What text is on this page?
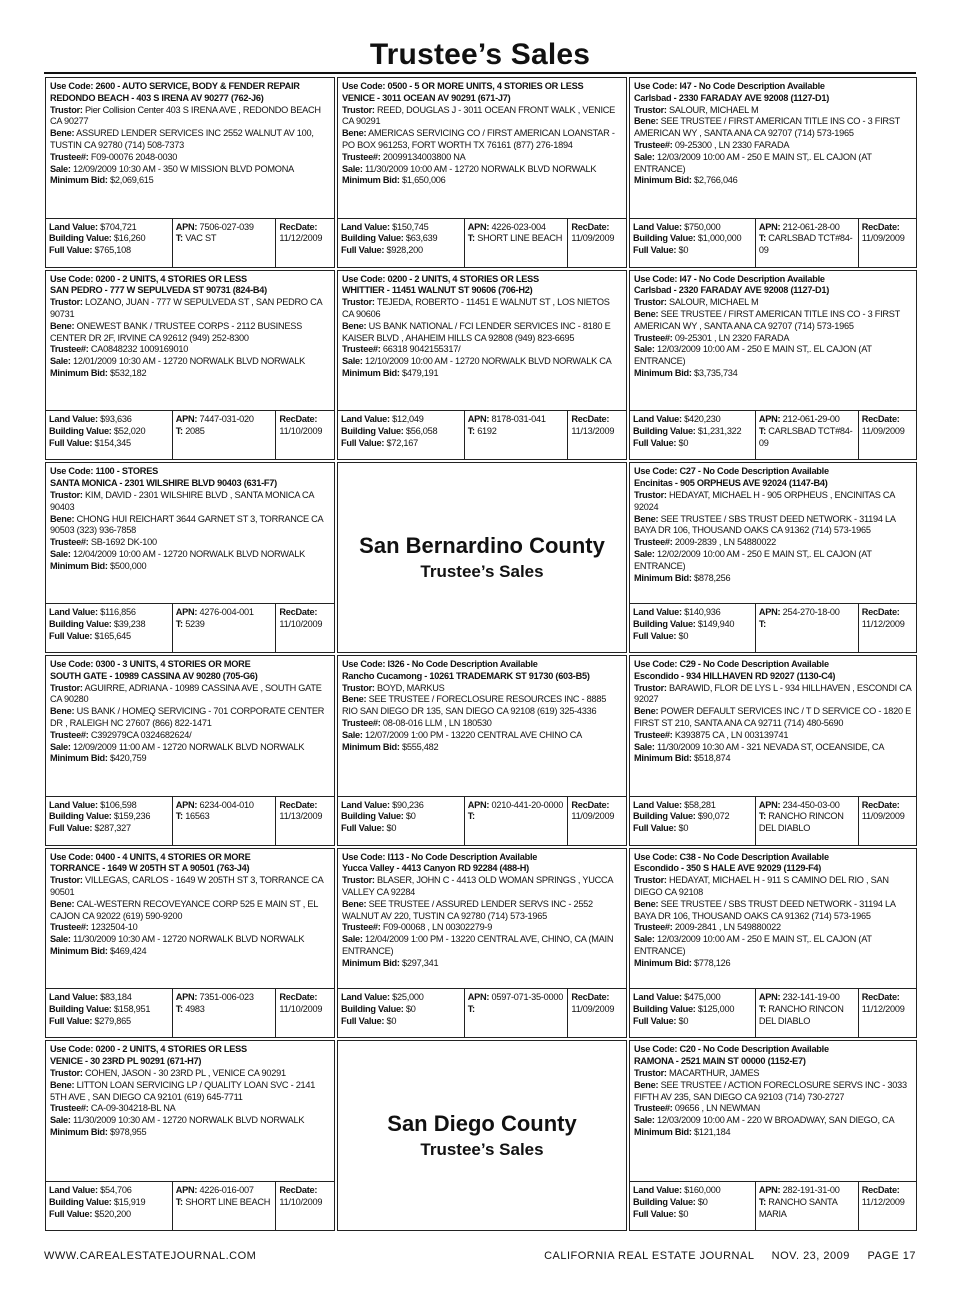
Trustee’s Sales
Use Code: 2600 - AUTO SERVICE, BODY & FENDER REPAIR
REDONDO BEACH - 403 S IRENA AV 90277 (762-J6)
Trustor: Pier Collision Center 403 S IRENA AVE , REDONDO BEACH CA 90277
Bene: ASSURED LENDER SERVICES INC 2552 WALNUT AV 100, TUSTIN CA 92780 (714) 508-7373
Trustee#: F09-00076 2048-0030
Sale: 12/09/2009 10:30 AM - 350 W MISSION BLVD POMONA
Minimum Bid: $2,069,615
Land Value: $704,721
Building Value: $16,260
Full Value: $765,108
APN: 7506-027-039
T: VAC ST
RecDate:
11/12/2009
Use Code: 0500 - 5 OR MORE UNITS, 4 STORIES OR LESS
VENICE - 3011 OCEAN AV 90291 (671-J7)
Trustor: REED, DOUGLAS J - 3011 OCEAN FRONT WALK , VENICE CA 90291
Bene: AMERICAS SERVICING CO / FIRST AMERICAN LOANSTAR - PO BOX 961253, FORT WORTH TX 76161 (877) 276-1894
Trustee#: 20099134003800 NA
Sale: 11/30/2009 10:00 AM - 12720 NORWALK BLVD NORWALK
Minimum Bid: $1,650,006
Land Value: $150,745
Building Value: $63,639
Full Value: $928,200
APN: 4226-023-004
T: SHORT LINE BEACH
RecDate:
11/09/2009
Use Code: I47 - No Code Description Available
Carlsbad - 2330 FARADAY AVE 92008 (1127-D1)
Trustor: SALOUR, MICHAEL M
Bene: SEE TRUSTEE / FIRST AMERICAN TITLE INS CO - 3 FIRST AMERICAN WY , SANTA ANA CA 92707 (714) 573-1965
Trustee#: 09-25300 , LN 2330 FARADA
Sale: 12/03/2009 10:00 AM - 250 E MAIN ST,. EL CAJON (AT ENTRANCE)
Minimum Bid: $2,766,046
Land Value: $750,000
Building Value: $1,000,000
Full Value: $0
APN: 212-061-28-00
T: CARLSBAD TCT#84-09
RecDate:
11/09/2009
Use Code: 0200 - 2 UNITS, 4 STORIES OR LESS
SAN PEDRO - 777 W SEPULVEDA ST 90731 (824-B4)
Trustor: LOZANO, JUAN - 777 W SEPULVEDA ST , SAN PEDRO CA 90731
Bene: ONEWEST BANK / TRUSTEE CORPS - 2112 BUSINESS CENTER DR 2F, IRVINE CA 92612 (949) 252-8300
Trustee#: CA0848232 1009169010
Sale: 12/01/2009 10:30 AM - 12720 NORWALK BLVD NORWALK
Minimum Bid: $532,182
Land Value: $93,636
Building Value: $52,020
Full Value: $154,345
APN: 7447-031-020
T: 2085
RecDate:
11/10/2009
Use Code: 0200 - 2 UNITS, 4 STORIES OR LESS
WHITTIER - 11451 WALNUT ST 90606 (706-H2)
Trustor: TEJEDA, ROBERTO - 11451 E WALNUT ST , LOS NIETOS CA 90606
Bene: US BANK NATIONAL / FCI LENDER SERVICES INC - 8180 E KAISER BLVD , AHAHEIM HILLS CA 92808 (949) 823-6695
Trustee#: 66318 9042155317/
Sale: 12/10/2009 10:00 AM - 12720 NORWALK BLVD NORWALK CA
Minimum Bid: $479,191
Land Value: $12,049
Building Value: $56,058
Full Value: $72,167
APN: 8178-031-041
T: 6192
RecDate:
11/13/2009
Use Code: I47 - No Code Description Available
Carlsbad - 2320 FARADAY AVE 92008 (1127-D1)
Trustor: SALOUR, MICHAEL M
Bene: SEE TRUSTEE / FIRST AMERICAN TITLE INS CO - 3 FIRST AMERICAN WY , SANTA ANA CA 92707 (714) 573-1965
Trustee#: 09-25301 , LN 2320 FARADA
Sale: 12/03/2009 10:00 AM - 250 E MAIN ST,. EL CAJON (AT ENTRANCE)
Minimum Bid: $3,735,734
Land Value: $420,230
Building Value: $1,231,322
Full Value: $0
APN: 212-061-29-00
T: CARLSBAD TCT#84-09
RecDate:
11/09/2009
Use Code: 1100 - STORES
SANTA MONICA - 2301 WILSHIRE BLVD 90403 (631-F7)
Trustor: KIM, DAVID - 2301 WILSHIRE BLVD , SANTA MONICA CA 90403
Bene: CHONG HUI REICHART 3644 GARNET ST 3, TORRANCE CA 90503 (323) 936-7858
Trustee#: SB-1692 DK-100
Sale: 12/04/2009 10:00 AM - 12720 NORWALK BLVD NORWALK
Minimum Bid: $500,000
Land Value: $116,856
Building Value: $39,238
Full Value: $165,645
APN: 4276-004-001
T: 5239
RecDate:
11/10/2009
San Bernardino County
Trustee’s Sales
Use Code: C27 - No Code Description Available
Encinitas - 905 ORPHEUS AVE 92024 (1147-B4)
Trustor: HEDAYAT, MICHAEL H - 905 ORPHEUS , ENCINITAS CA 92024
Bene: SEE TRUSTEE / SBS TRUST DEED NETWORK - 31194 LA BAYA DR 106, THOUSAND OAKS CA 91362 (714) 573-1965
Trustee#: 2009-2839 , LN 54880022
Sale: 12/02/2009 10:00 AM - 250 E MAIN ST,. EL CAJON (AT ENTRANCE)
Minimum Bid: $878,256
Land Value: $140,936
Building Value: $149,940
Full Value: $0
APN: 254-270-18-00
T:
RecDate:
11/12/2009
Use Code: 0300 - 3 UNITS, 4 STORIES OR MORE
SOUTH GATE - 10989 CASSINA AV 90280 (705-G6)
Trustor: AGUIRRE, ADRIANA - 10989 CASSINA AVE , SOUTH GATE CA 90280
Bene: US BANK / HOMEQ SERVICING - 701 CORPORATE CENTER DR , RALEIGH NC 27607 (866) 822-1471
Trustee#: C392979CA 0324682624/
Sale: 12/09/2009 11:00 AM - 12720 NORWALK BLVD NORWALK
Minimum Bid: $420,759
Land Value: $106,598
Building Value: $159,236
Full Value: $287,327
APN: 6234-004-010
T: 16563
RecDate:
11/13/2009
Use Code: I326 - No Code Description Available
Rancho Cucamong - 10261 TRADEMARK ST 91730 (603-B5)
Trustor: BOYD, MARKUS
Bene: SEE TRUSTEE / FORECLOSURE RESOURCES INC - 8885 RIO SAN DIEGO DR 135, SAN DIEGO CA 92108 (619) 325-4336
Trustee#: 08-08-016 LLM , LN 180530
Sale: 12/07/2009 1:00 PM - 13220 CENTRAL AVE CHINO CA
Minimum Bid: $555,482
Land Value: $90,236
Building Value: $0
Full Value: $0
APN: 0210-441-20-0000
T:
RecDate:
11/09/2009
Use Code: C29 - No Code Description Available
Escondido - 934 HILLHAVEN RD 92027 (1130-C4)
Trustor: BARAWID, FLOR DE LYS L - 934 HILLHAVEN , ESCONDI CA 92027
Bene: POWER DEFAULT SERVICES INC / T D SERVICE CO - 1820 E FIRST ST 210, SANTA ANA CA 92711 (714) 480-5690
Trustee#: K393875 CA , LN 003139741
Sale: 11/30/2009 10:30 AM - 321 NEVADA ST, OCEANSIDE, CA
Minimum Bid: $518,874
Land Value: $58,281
Building Value: $90,072
Full Value: $0
APN: 234-450-03-00
T: RANCHO RINCON DEL DIABLO
RecDate:
11/09/2009
Use Code: 0400 - 4 UNITS, 4 STORIES OR MORE
TORRANCE - 1649 W 205TH ST A 90501 (763-J4)
Trustor: VILLEGAS, CARLOS - 1649 W 205TH ST 3, TORRANCE CA 90501
Bene: CAL-WESTERN RECOVEYANCE CORP 525 E MAIN ST , EL CAJON CA 92022 (619) 590-9200
Trustee#: 1232504-10
Sale: 11/30/2009 10:30 AM - 12720 NORWALK BLVD NORWALK
Minimum Bid: $469,424
Land Value: $83,184
Building Value: $158,951
Full Value: $279,865
APN: 7351-006-023
T: 4983
RecDate:
11/10/2009
Use Code: I113 - No Code Description Available
Yucca Valley - 4413 Canyon RD 92284 (488-H)
Trustor: BLASER, JOHN C - 4413 OLD WOMAN SPRINGS , YUCCA VALLEY CA 92284
Bene: SEE TRUSTEE / ASSURED LENDER SERVS INC - 2552 WALNUT AV 220, TUSTIN CA 92780 (714) 573-1965
Trustee#: F09-00068 , LN 00302279-9
Sale: 12/04/2009 1:00 PM - 13220 CENTRAL AVE, CHINO, CA (MAIN ENTRANCE)
Minimum Bid: $297,341
Land Value: $25,000
Building Value: $0
Full Value: $0
APN: 0597-071-35-0000
T:
RecDate:
11/09/2009
Use Code: C38 - No Code Description Available
Escondido - 350 S HALE AVE 92029 (1129-F4)
Trustor: HEDAYAT, MICHAEL H - 911 S CAMINO DEL RIO , SAN DIEGO CA 92108
Bene: SEE TRUSTEE / SBS TRUST DEED NETWORK - 31194 LA BAYA DR 106, THOUSAND OAKS CA 91362 (714) 573-1965
Trustee#: 2009-2841 , LN 549880022
Sale: 12/03/2009 10:00 AM - 250 E MAIN ST,. EL CAJON (AT ENTRANCE)
Minimum Bid: $778,126
Land Value: $475,000
Building Value: $125,000
Full Value: $0
APN: 232-141-19-00
T: RANCHO RINCON DEL DIABLO
RecDate:
11/12/2009
Use Code: 0200 - 2 UNITS, 4 STORIES OR LESS
VENICE - 30 23RD PL 90291 (671-H7)
Trustor: COHEN, JASON - 30 23RD PL , VENICE CA 90291
Bene: LITTON LOAN SERVICING LP / QUALITY LOAN SVC - 2141 5TH AVE , SAN DIEGO CA 92101 (619) 645-7711
Trustee#: CA-09-304218-BL NA
Sale: 11/30/2009 10:30 AM - 12720 NORWALK BLVD NORWALK
Minimum Bid: $978,955
Land Value: $54,706
Building Value: $15,919
Full Value: $520,200
APN: 4226-016-007
T: SHORT LINE BEACH
RecDate:
11/10/2009
San Diego County
Trustee’s Sales
Use Code: C20 - No Code Description Available
RAMONA - 2521 MAIN ST 00000 (1152-E7)
Trustor: MACARTHUR, JAMES
Bene: SEE TRUSTEE / ACTION FORECLOSURE SERVS INC - 3033 FIFTH AV 235, SAN DIEGO CA 92103 (714) 730-2727
Trustee#: 09656 , LN NEWMAN
Sale: 12/03/2009 10:00 AM - 220 W BROADWAY, SAN DIEGO, CA
Minimum Bid: $121,184
Land Value: $160,000
Building Value: $0
Full Value: $0
APN: 282-191-31-00
T: RANCHO SANTA MARIA
RecDate:
11/12/2009
WWW.CAREALESTATEJOURNAL.COM	CALIFORNIA REAL ESTATE JOURNAL NOV. 23, 2009 PAGE 17
